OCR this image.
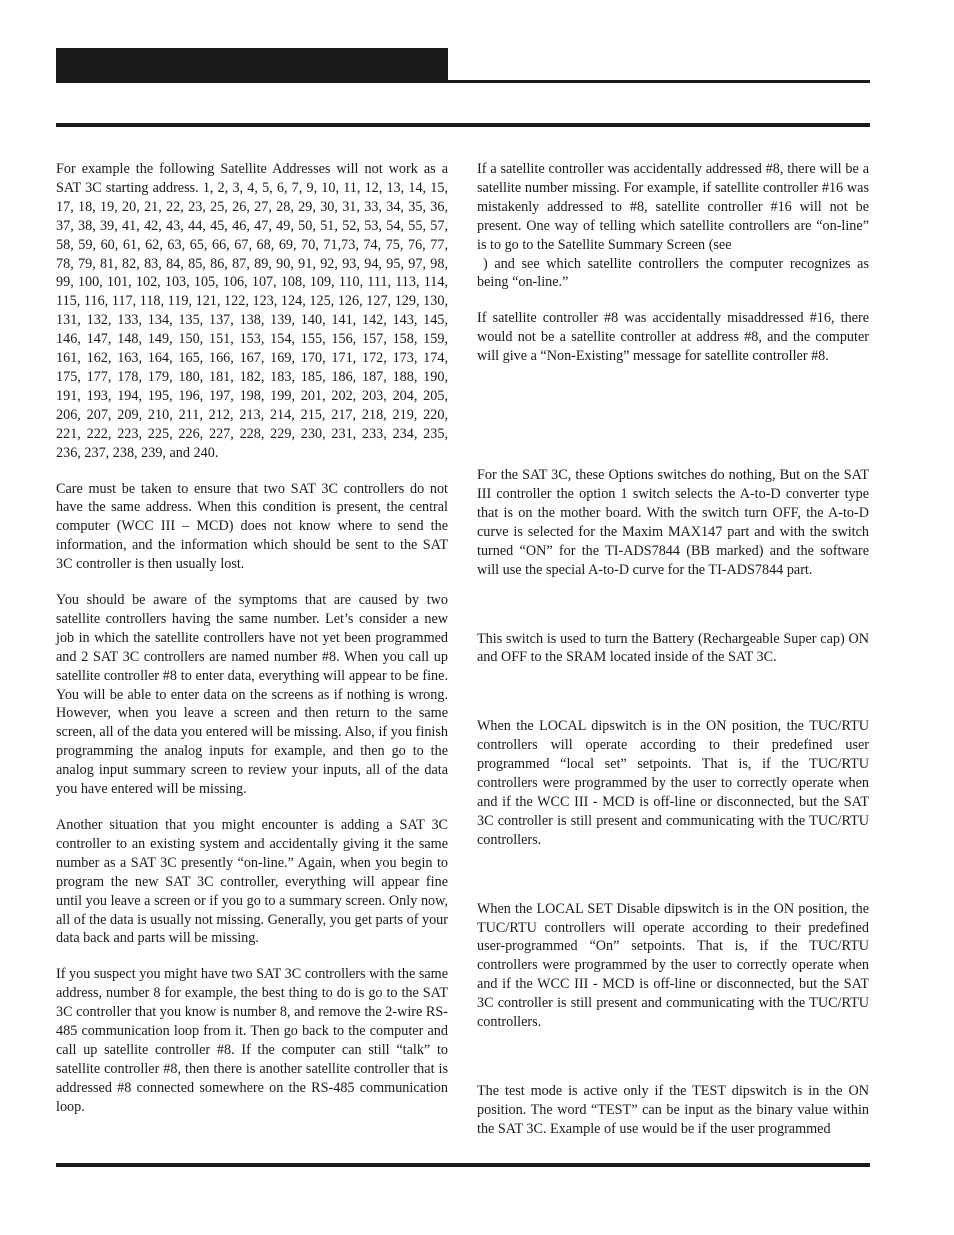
For example the following Satellite Addresses will not work as a SAT 3C starting address. 1, 2, 3, 4, 5, 6, 7, 9, 10, 11, 12, 13, 14, 15, 17, 18, 19, 20, 21, 22, 23, 25, 26, 27, 28, 29, 30, 31, 33, 34, 35, 36, 37, 38, 39, 41, 42, 43, 44, 45, 46, 47, 49, 50, 51, 52, 53, 54, 55, 57, 58, 59, 60, 61, 62, 63, 65, 66, 67, 68, 69, 70, 71,73, 74, 75, 76, 77, 78, 79, 81, 82, 83, 84, 85, 86, 87, 89, 90, 91, 92, 93, 94, 95, 97, 98, 99, 100, 101, 102, 103, 105, 106, 107, 108, 109, 110, 111, 113, 114, 115, 116, 117, 118, 119, 121, 122, 123, 124, 125, 126, 127, 129, 130, 131, 132, 133, 134, 135, 137, 138, 139, 140, 141, 142, 143, 145, 146, 147, 148, 149, 150, 151, 153, 154, 155, 156, 157, 158, 159, 161, 162, 163, 164, 165, 166, 167, 169, 170, 171, 172, 173, 174, 175, 177, 178, 179, 180, 181, 182, 183, 185, 186, 187, 188, 190, 191, 193, 194, 195, 196, 197, 198, 199, 201, 202, 203, 204, 205, 206, 207, 209, 210, 211, 212, 213, 214, 215, 217, 218, 219, 220, 221, 222, 223, 225, 226, 227, 228, 229, 230, 231, 233, 234, 235, 236, 237, 238, 239, and 240.

Care must be taken to ensure that two SAT 3C controllers do not have the same address. When this condition is present, the central computer (WCC III – MCD) does not know where to send the information, and the information which should be sent to the SAT 3C controller is then usually lost.

You should be aware of the symptoms that are caused by two satellite controllers having the same number. Let’s consider a new job in which the satellite controllers have not yet been programmed and 2 SAT 3C controllers are named number #8. When you call up satellite controller #8 to enter data, everything will appear to be fine. You will be able to enter data on the screens as if nothing is wrong. However, when you leave a screen and then return to the same screen, all of the data you entered will be missing. Also, if you finish programming the analog inputs for example, and then go to the analog input summary screen to review your inputs, all of the data you have entered will be missing.

Another situation that you might encounter is adding a SAT 3C controller to an existing system and accidentally giving it the same number as a SAT 3C presently “on-line.” Again, when you begin to program the new SAT 3C controller, everything will appear fine until you leave a screen or if you go to a summary screen. Only now, all of the data is usually not missing. Generally, you get parts of your data back and parts will be missing.

If you suspect you might have two SAT 3C controllers with the same address, number 8 for example, the best thing to do is go to the SAT 3C controller that you know is number 8, and remove the 2-wire RS-485 communication loop from it. Then go back to the computer and call up satellite controller #8. If the computer can still “talk” to satellite controller #8, then there is another satellite controller that is addressed #8 connected somewhere on the RS-485 communication loop.

If a satellite controller was accidentally addressed #8, there will be a satellite number missing. For example, if satellite controller #16 was mistakenly addressed to #8, satellite controller #16 will not be present. One way of telling which satellite controllers are “on-line” is to go to the Satellite Summary Screen (see

) and see which satellite controllers the computer recognizes as being “on-line.”

If satellite controller #8 was accidentally misaddressed #16, there would not be a satellite controller at address #8, and the computer will give a “Non-Existing” message for satellite controller #8.

For the SAT 3C, these Options switches do nothing, But on the SAT III controller the option 1 switch selects the A-to-D converter type that is on the mother board. With the switch turn OFF, the A-to-D curve is selected for the Maxim MAX147 part and with the switch turned “ON” for the TI-ADS7844 (BB marked) and the software will use the special A-to-D curve for the TI-ADS7844 part.

This switch is used to turn the Battery (Rechargeable Super cap) ON and OFF to the SRAM located inside of the SAT 3C.

When the LOCAL dipswitch is in the ON position, the TUC/RTU controllers will operate according to their predefined user programmed “local set” setpoints. That is, if the TUC/RTU controllers were programmed by the user to correctly operate when and if the WCC III - MCD is off-line or disconnected, but the SAT 3C controller is still present and communicating with the TUC/RTU controllers.

When the LOCAL SET Disable dipswitch is in the ON position, the TUC/RTU controllers will operate according to their predefined user-programmed “On” setpoints. That is, if the TUC/RTU controllers were programmed by the user to correctly operate when and if the WCC III - MCD is off-line or disconnected, but the SAT 3C controller is still present and communicating with the TUC/RTU controllers.

The test mode is active only if the TEST dipswitch is in the ON position. The word “TEST” can be input as the binary value within the SAT 3C. Example of use would be if the user programmed
